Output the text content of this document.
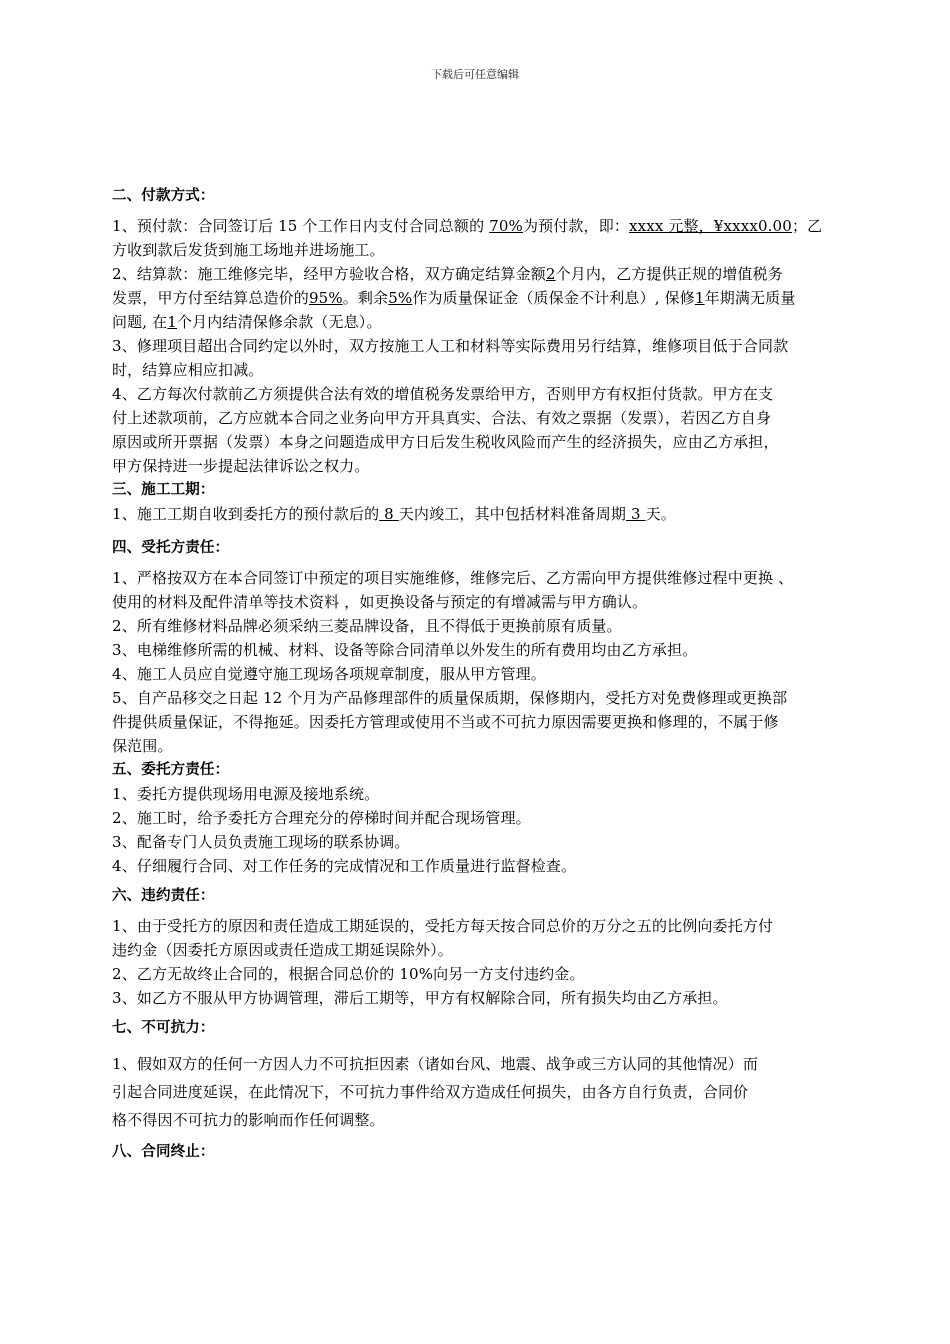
下载后可任意编辑
二、付款方式：
1、预付款：合同签订后 15 个工作日内支付合同总额的 70%为预付款，即：xxxx 元整，¥xxxx0.00；乙
方收到款后发货到施工场地并进场施工。
2、结算款：施工维修完毕，经甲方验收合格，双方确定结算金额2个月内，乙方提供正规的增值税务
发票，甲方付至结算总造价的95%。剩余5%作为质量保证金（质保金不计利息）, 保修1年期满无质量
问题, 在1个月内结清保修余款（无息）。
3、修理项目超出合同约定以外时，双方按施工人工和材料等实际费用另行结算，维修项目低于合同款
时，结算应相应扣减。
4、乙方每次付款前乙方须提供合法有效的增值税务发票给甲方，否则甲方有权拒付货款。甲方在支
付上述款项前，乙方应就本合同之业务向甲方开具真实、合法、有效之票据（发票），若因乙方自身
原因或所开票据（发票）本身之问题造成甲方日后发生税收风险而产生的经济损失，应由乙方承担，
甲方保持进一步提起法律诉讼之权力。
三、施工工期：
1、施工工期自收到委托方的预付款后的 8 天内竣工，其中包括材料准备周期 3 天。
四、受托方责任：
1、严格按双方在本合同签订中预定的项目实施维修，维修完后、乙方需向甲方提供维修过程中更换 、
使用的材料及配件清单等技术资料 ，如更换设备与预定的有增减需与甲方确认。
2、所有维修材料品牌必须采纳三菱品牌设备，且不得低于更换前原有质量。
3、电梯维修所需的机械、材料、设备等除合同清单以外发生的所有费用均由乙方承担。
4、施工人员应自觉遵守施工现场各项规章制度，服从甲方管理。
5、自产品移交之日起 12 个月为产品修理部件的质量保质期，保修期内，受托方对免费修理或更换部
件提供质量保证，不得拖延。因委托方管理或使用不当或不可抗力原因需要更换和修理的，不属于修
保范围。
五、委托方责任：
1、委托方提供现场用电源及接地系统。
2、施工时，给予委托方合理充分的停梯时间并配合现场管理。
3、配备专门人员负责施工现场的联系协调。
4、仔细履行合同、对工作任务的完成情况和工作质量进行监督检查。
六、违约责任：
1、由于受托方的原因和责任造成工期延误的，受托方每天按合同总价的万分之五的比例向委托方付
违约金（因委托方原因或责任造成工期延误除外）。
2、乙方无故终止合同的，根据合同总价的 10%向另一方支付违约金。
3、如乙方不服从甲方协调管理，滞后工期等，甲方有权解除合同，所有损失均由乙方承担。
七、不可抗力：
1、假如双方的任何一方因人力不可抗拒因素（诸如台风、地震、战争或三方认同的其他情况）而
引起合同进度延误，在此情况下，不可抗力事件给双方造成任何损失，由各方自行负责，合同价
格不得因不可抗力的影响而作任何调整。
八、合同终止：
